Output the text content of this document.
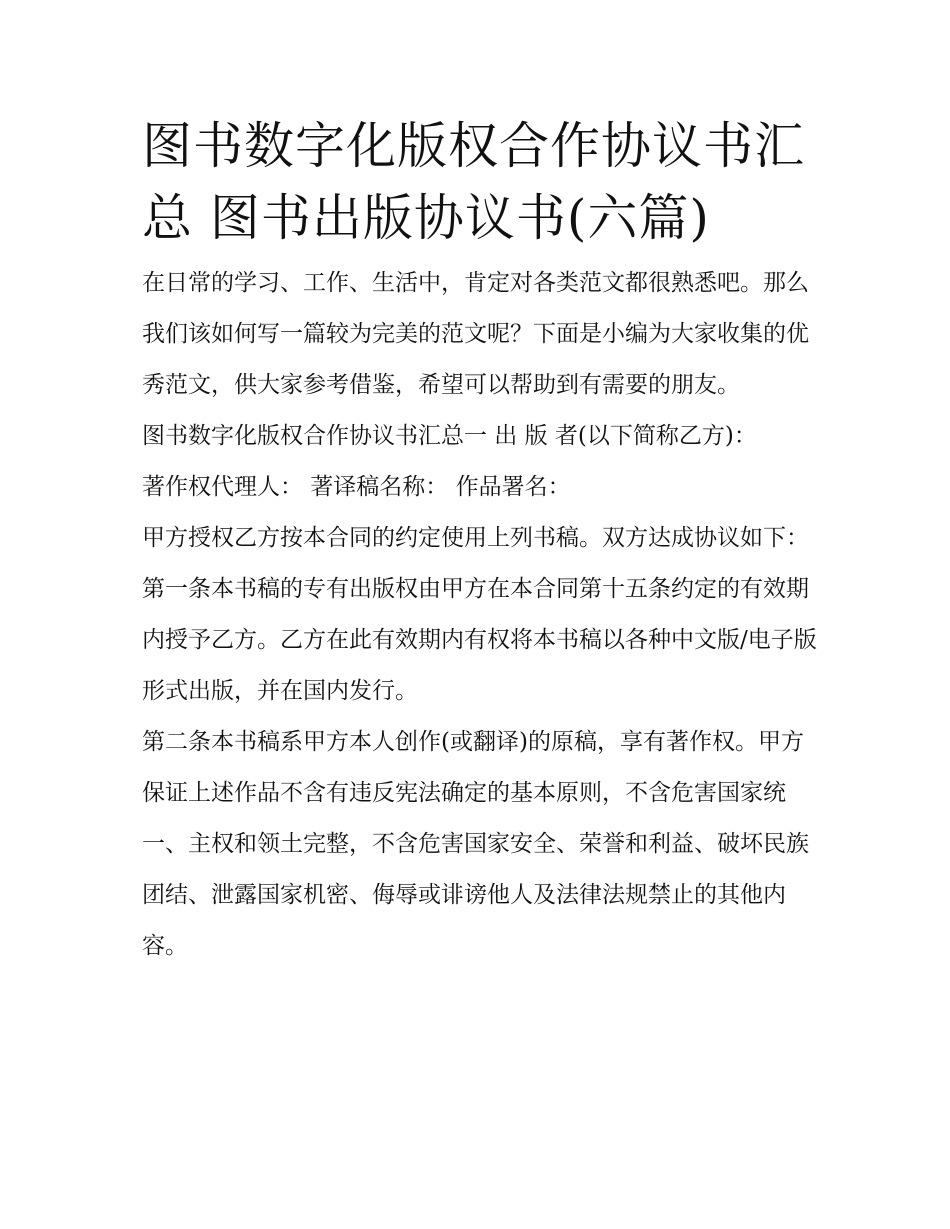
图书数字化版权合作协议书汇总 图书出版协议书(六篇)

在日常的学习、工作、生活中，肯定对各类范文都很熟悉吧。那么我们该如何写一篇较为完美的范文呢？下面是小编为大家收集的优秀范文，供大家参考借鉴，希望可以帮助到有需要的朋友。

图书数字化版权合作协议书汇总一 出 版 者(以下简称乙方)：

著作权代理人： 著译稿名称： 作品署名：

甲方授权乙方按本合同的约定使用上列书稿。双方达成协议如下：

第一条本书稿的专有出版权由甲方在本合同第十五条约定的有效期内授予乙方。乙方在此有效期内有权将本书稿以各种中文版/电子版形式出版，并在国内发行。

第二条本书稿系甲方本人创作(或翻译)的原稿，享有著作权。甲方保证上述作品不含有违反宪法确定的基本原则，不含危害国家统一、主权和领土完整，不含危害国家安全、荣誉和利益、破坏民族团结、泄露国家机密、侮辱或诽谤他人及法律法规禁止的其他内容。
